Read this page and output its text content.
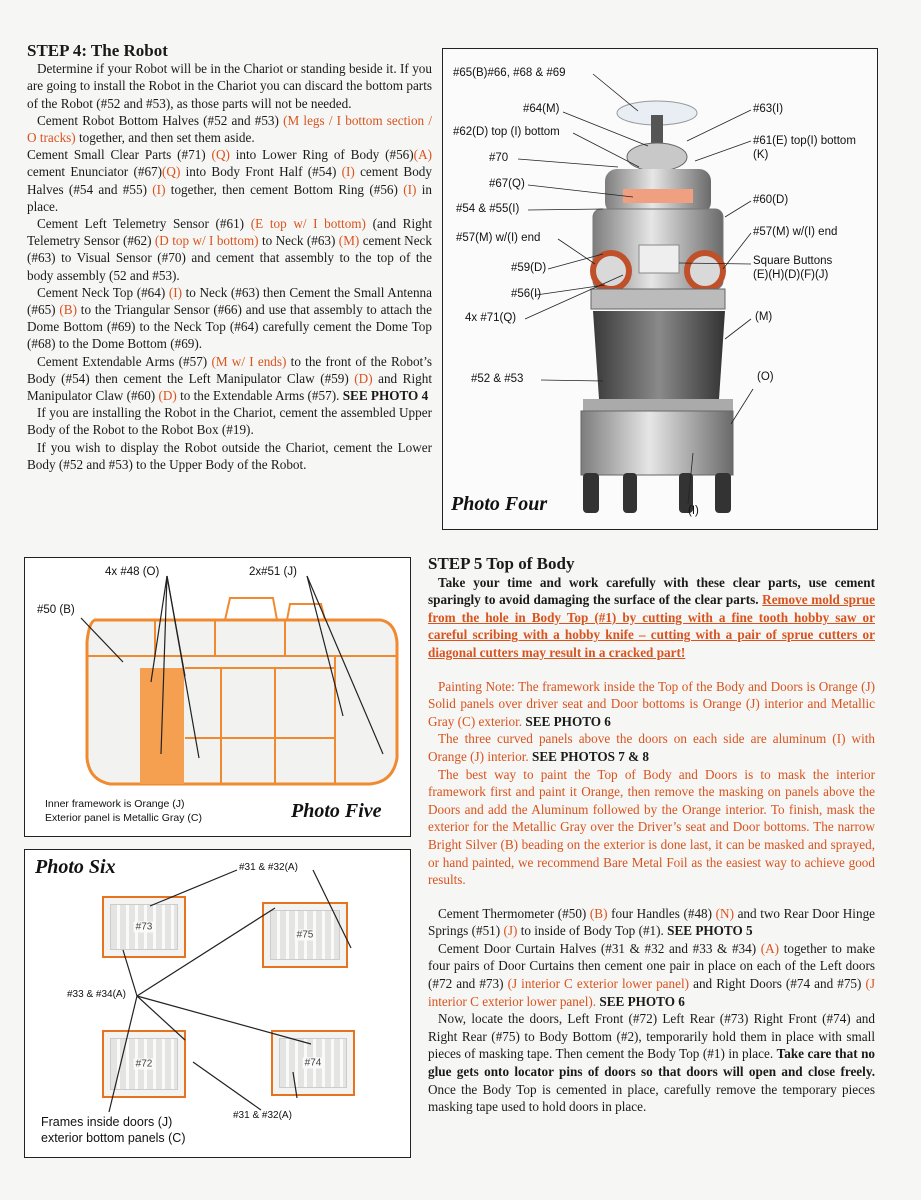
STEP 4: The Robot

Determine if your Robot will be in the Chariot or standing beside it. If you are going to install the Robot in the Chariot you can discard the bottom parts of the Robot (#52 and #53), as those parts will not be needed.

Cement Robot Bottom Halves (#52 and #53) (M legs / I bottom section / O tracks) together, and then set them aside.

Cement Small Clear Parts (#71) (Q) into Lower Ring of Body (#56)(A) cement Enunciator (#67)(Q) into Body Front Half (#54) (I) cement Body Halves (#54 and #55) (I) together, then cement Bottom Ring (#56) (I) in place.

Cement Left Telemetry Sensor (#61) (E top w/ I bottom) (and Right Telemetry Sensor (#62) (D top w/ I bottom) to Neck (#63) (M) cement Neck (#63) to Visual Sensor (#70) and cement that assembly to the top of the body assembly (52 and #53).

Cement Neck Top (#64) (I) to Neck (#63) then Cement the Small Antenna (#65) (B) to the Triangular Sensor (#66) and use that assembly to attach the Dome Bottom (#69) to the Neck Top (#64) carefully cement the Dome Top (#68) to the Dome Bottom (#69).

Cement Extendable Arms (#57) (M w/ I ends) to the front of the Robot’s Body (#54) then cement the Left Manipulator Claw (#59) (D) and Right Manipulator Claw (#60) (D) to the Extendable Arms (#57). SEE PHOTO 4

If you are installing the Robot in the Chariot, cement the assembled Upper Body of the Robot to the Robot Box (#19).

If you wish to display the Robot outside the Chariot, cement the Lower Body (#52 and #53) to the Upper Body of the Robot.

#65(B)#66, #68 & #69
#64(M)
#62(D) top (I) bottom
#70
#67(Q)
#54 & #55(I)
#57(M) w/(I) end
#59(D)
#56(I)
4x #71(Q)
#52 & #53
#63(I)
#61(E) top(I) bottom
(K)
#60(D)
#57(M) w/(I) end
Square Buttons
(E)(H)(D)(F)(J)
(M)
(O)
(I)
Photo Four
4x #48 (O)	2x#51 (J)
#50 (B)
Inner framework is Orange (J)
Exterior panel is Metallic Gray (C)	Photo Five
#73
#75
#72	#74
Photo Six	#31 & #32(A)
#33 & #34(A)
#31 & #32(A)
Frames inside doors (J)
exterior bottom panels (C)
STEP 5 Top of Body

Take your time and work carefully with these clear parts, use cement sparingly to avoid damaging the surface of the clear parts. Remove mold sprue from the hole in Body Top (#1) by cutting with a fine tooth hobby saw or careful scribing with a hobby knife – cutting with a pair of sprue cutters or diagonal cutters may result in a cracked part!

Painting Note: The framework inside the Top of the Body and Doors is Orange (J) Solid panels over driver seat and Door bottoms is Orange (J) interior and Metallic Gray (C) exterior. SEE PHOTO 6

The three curved panels above the doors on each side are aluminum (I) with Orange (J) interior. SEE PHOTOS 7 & 8

The best way to paint the Top of Body and Doors is to mask the interior framework first and paint it Orange, then remove the masking on panels above the Doors and add the Aluminum followed by the Orange interior. To finish, mask the exterior for the Metallic Gray over the Driver’s seat and Door bottoms. The narrow Bright Silver (B) beading on the exterior is done last, it can be masked and sprayed, or hand painted, we recommend Bare Metal Foil as the easiest way to achieve good results.

Cement Thermometer (#50) (B) four Handles (#48) (N) and two Rear Door Hinge Springs (#51) (J) to inside of Body Top (#1). SEE PHOTO 5

Cement Door Curtain Halves (#31 & #32 and #33 & #34) (A) together to make four pairs of Door Curtains then cement one pair in place on each of the Left doors (#72 and #73) (J interior C exterior lower panel) and Right Doors (#74 and #75) (J interior C exterior lower panel). SEE PHOTO 6

Now, locate the doors, Left Front (#72) Left Rear (#73) Right Front (#74) and Right Rear (#75) to Body Bottom (#2), temporarily hold them in place with small pieces of masking tape. Then cement the Body Top (#1) in place. Take care that no glue gets onto locator pins of doors so that doors will open and close freely. Once the Body Top is cemented in place, carefully remove the temporary pieces masking tape used to hold doors in place.
